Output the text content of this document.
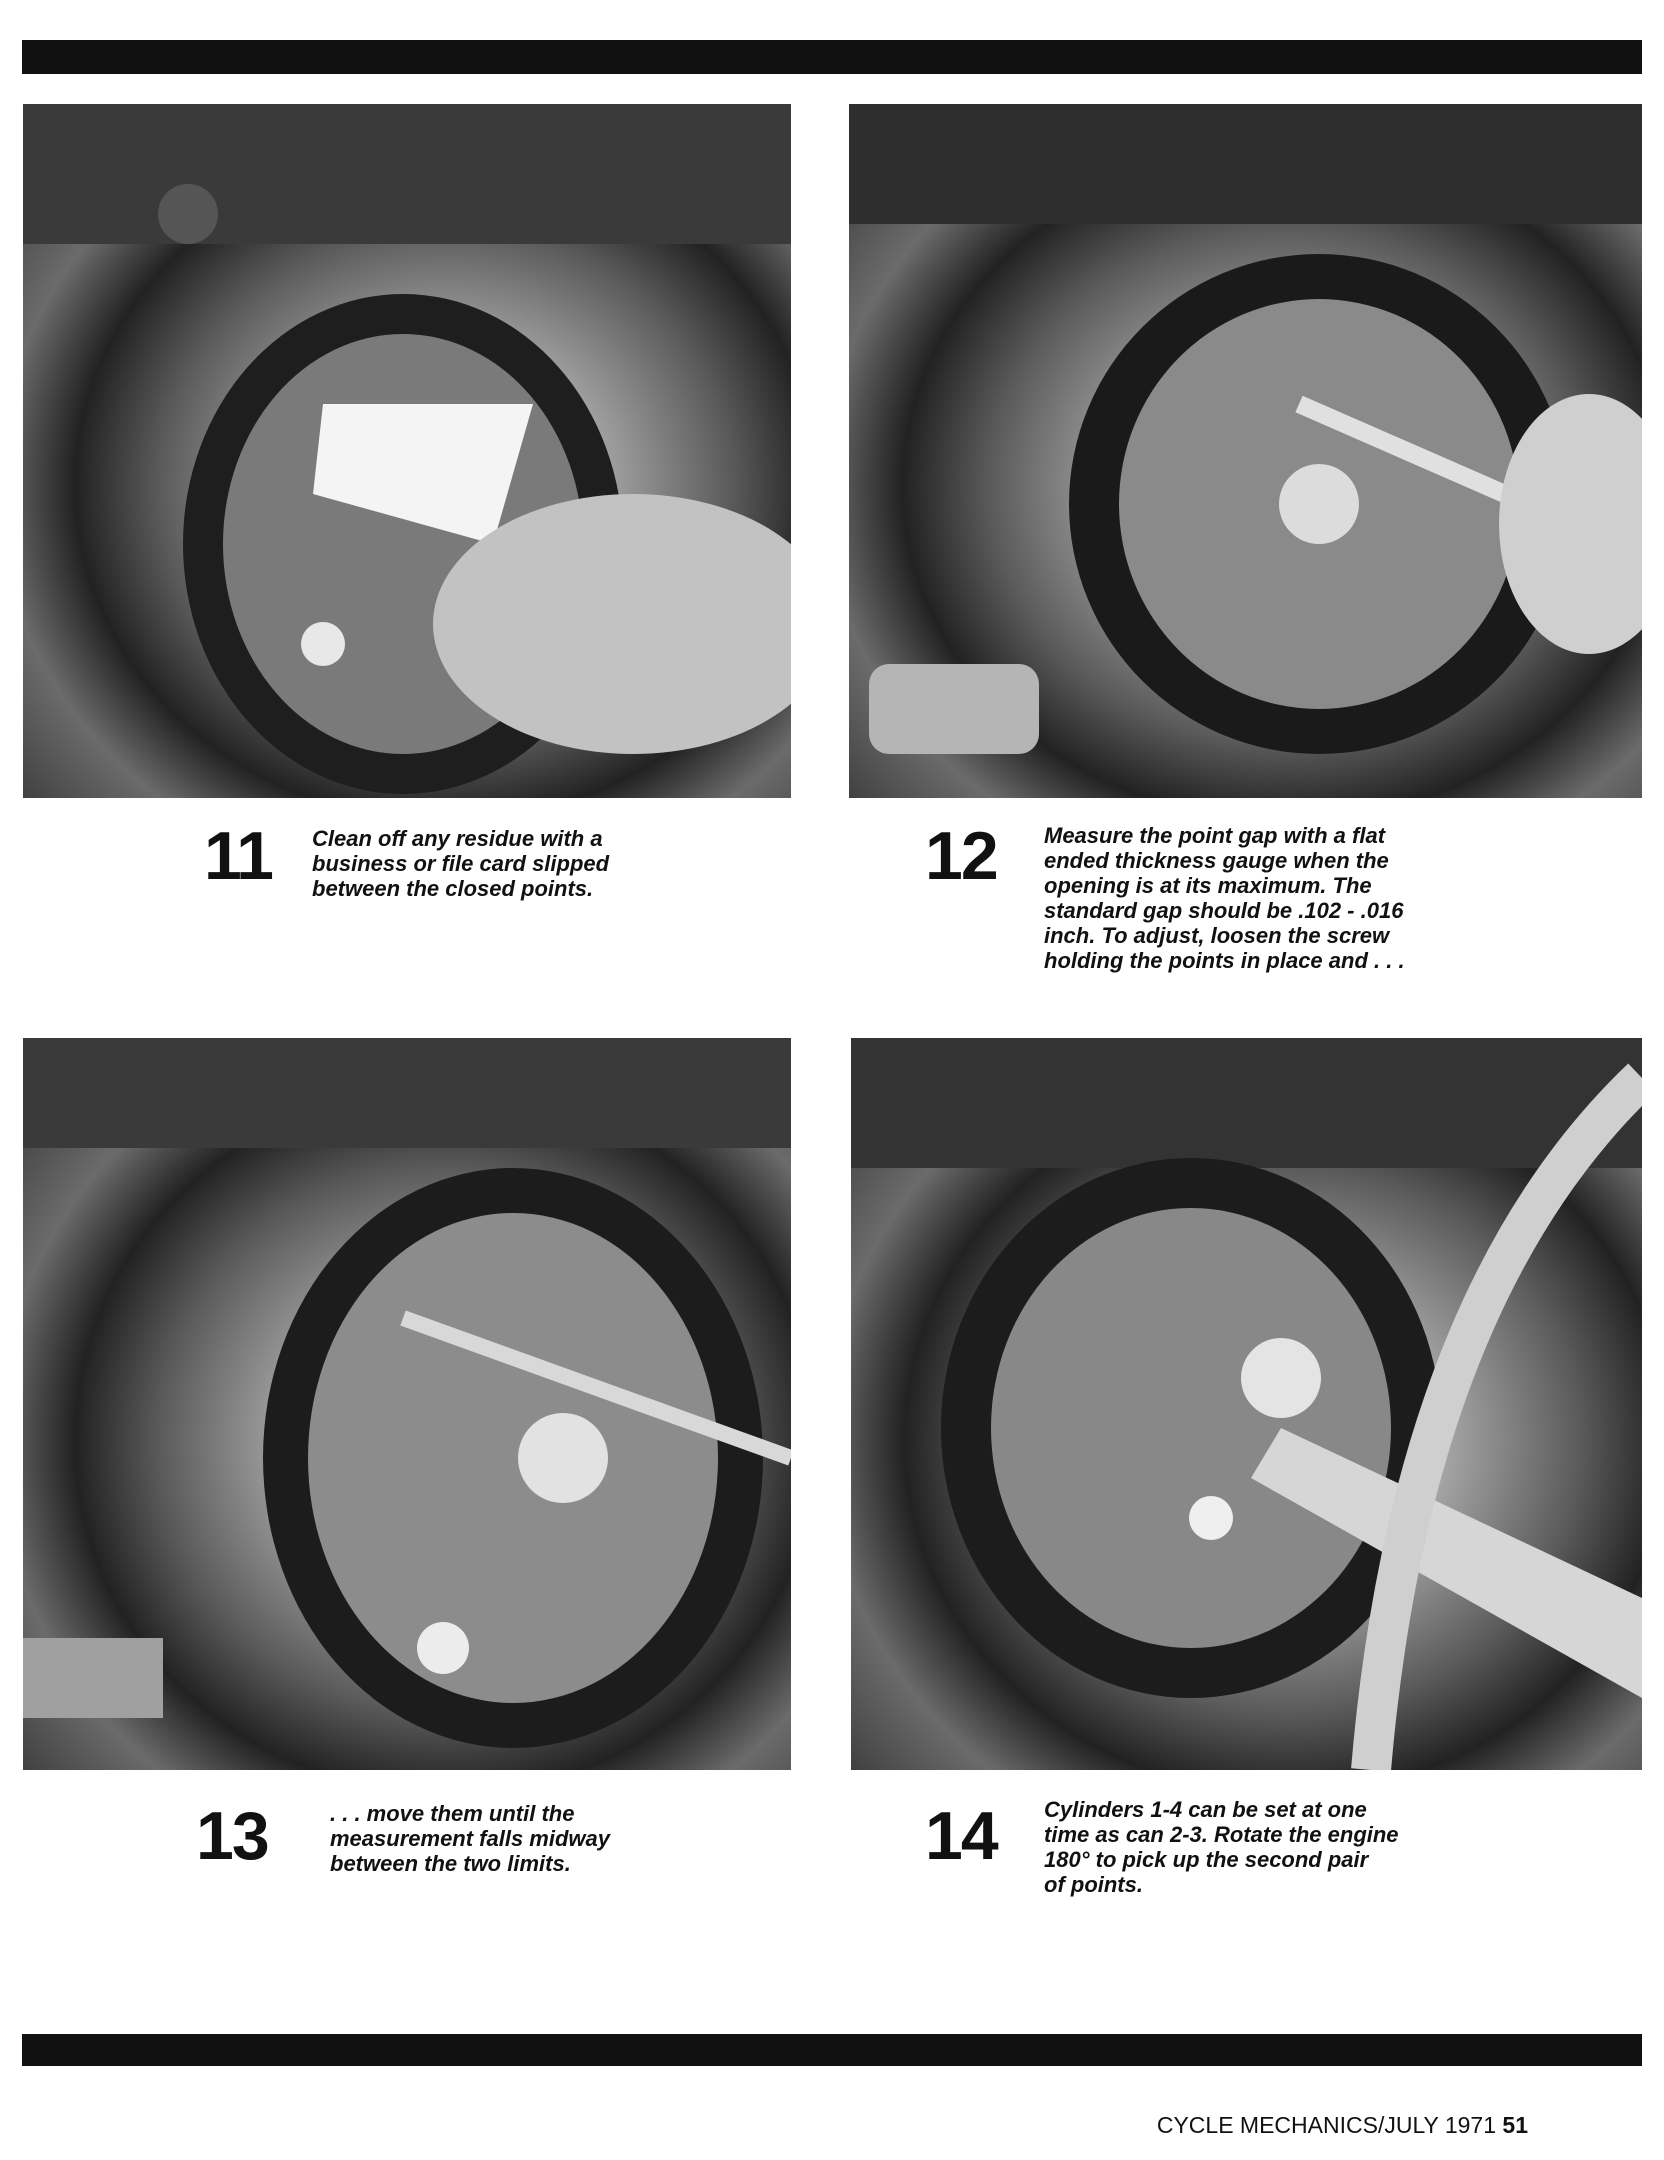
11 Clean off any residue with a
business or file card slipped
between the closed points.	12 Measure the point gap with a flat
ended thickness gauge when the
opening is at its maximum. The
standard gap should be .102 - .016
inch. To adjust, loosen the screw
holding the points in place and . . .
13	. . . move them until the
measurement falls midway
between the two limits.	14 Cylinders 1-4 can be set at one
time as can 2-3. Rotate the engine
180° to pick up the second pair
of points.
CYCLE MECHANICS/JULY 1971 51
